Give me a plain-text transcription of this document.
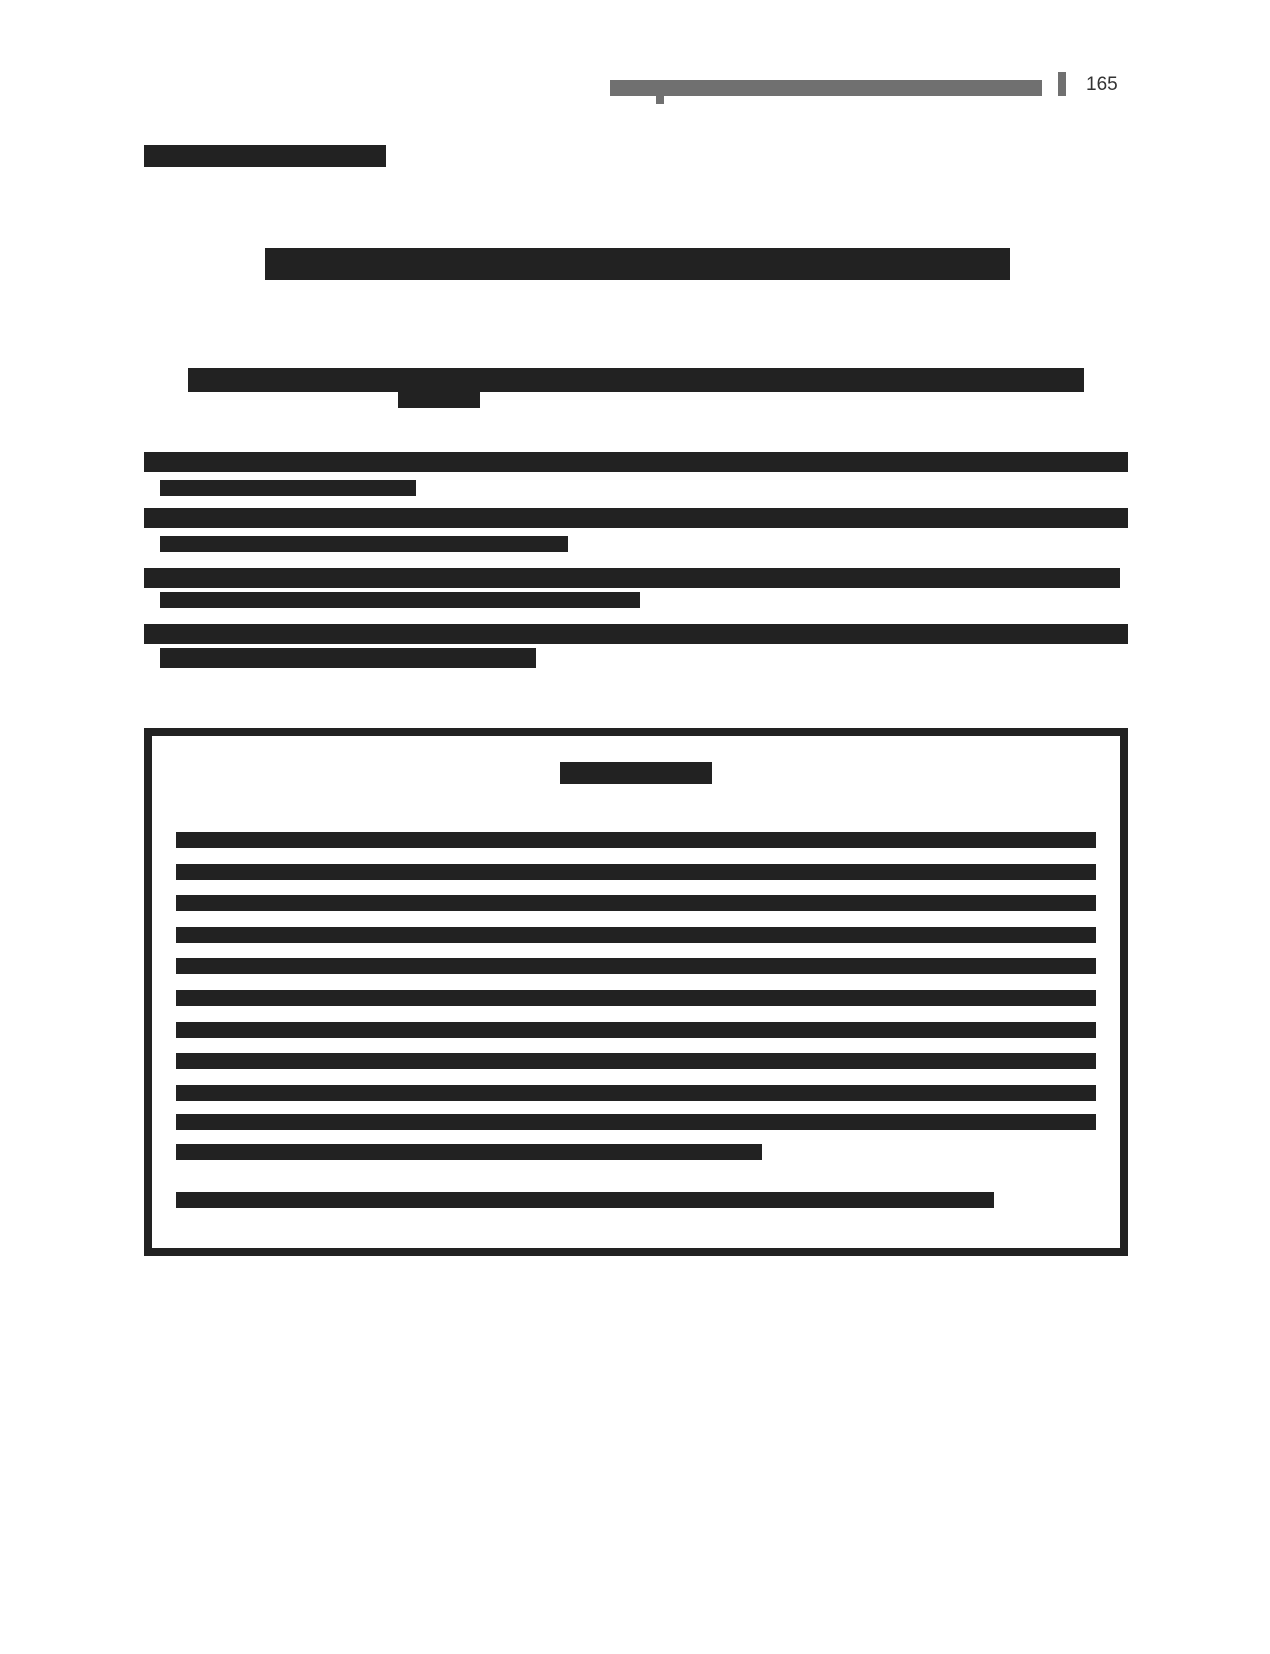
165
